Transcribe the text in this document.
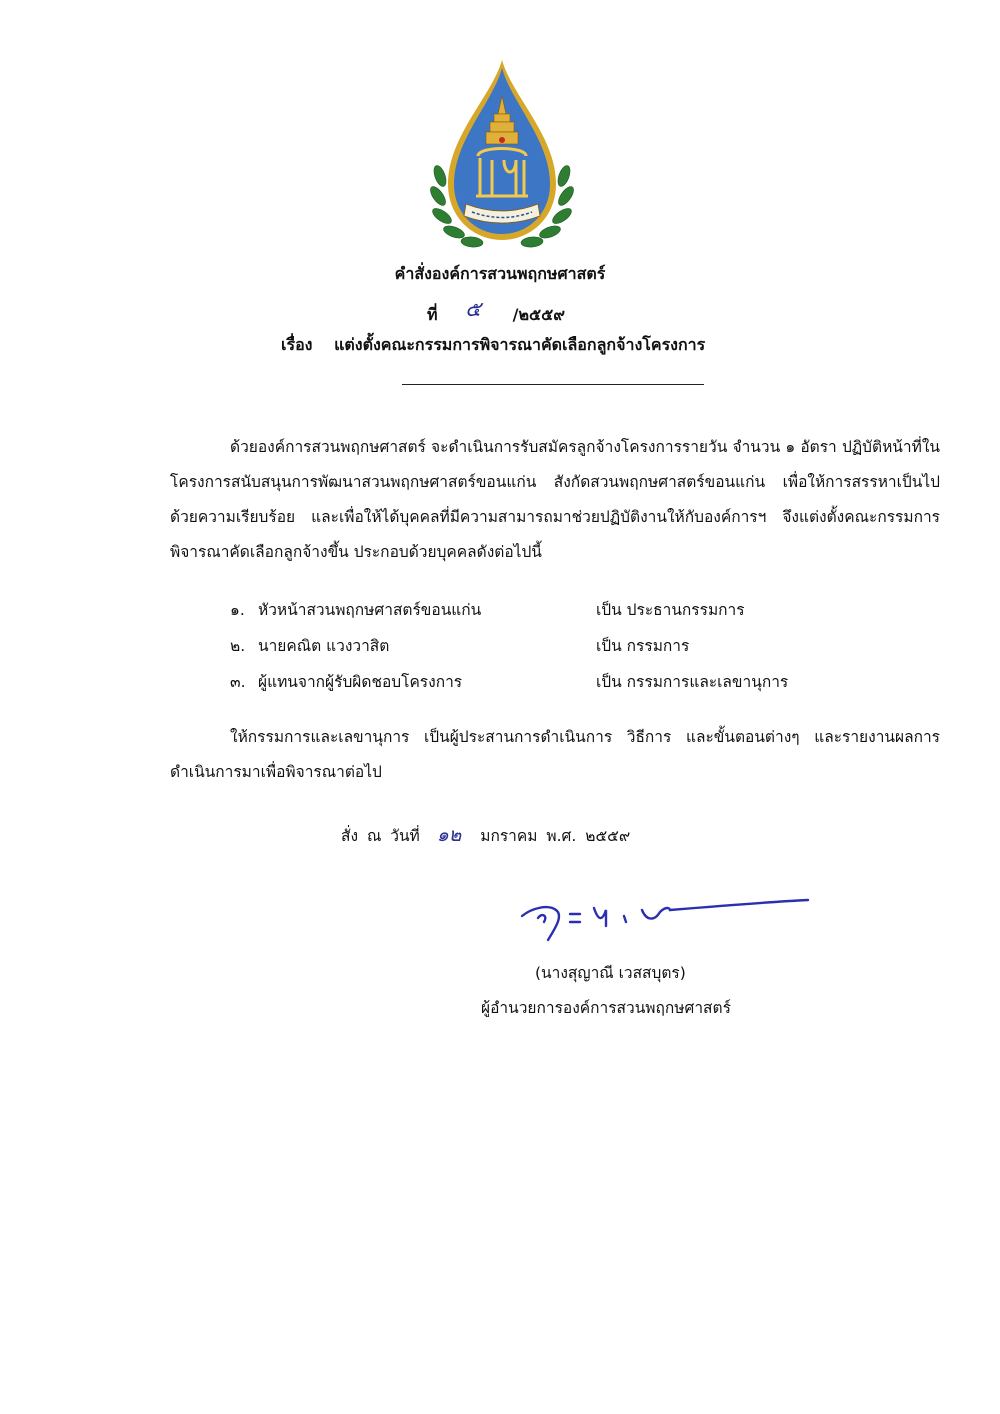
คำสั่งองค์การสวนพฤกษศาสตร์
ที่ ๕ /๒๕๕๙
เรื่อง แต่งตั้งคณะกรรมการพิจารณาคัดเลือกลูกจ้างโครงการ
ด้วยองค์การสวนพฤกษศาสตร์ จะดำเนินการรับสมัครลูกจ้างโครงการรายวัน จำนวน ๑ อัตรา ปฏิบัติหน้าที่ในโครงการสนับสนุนการพัฒนาสวนพฤกษศาสตร์ขอนแก่น สังกัดสวนพฤกษศาสตร์ขอนแก่น เพื่อให้การสรรหาเป็นไปด้วยความเรียบร้อย และเพื่อให้ได้บุคคลที่มีความสามารถมาช่วยปฏิบัติงานให้กับองค์การฯ จึงแต่งตั้งคณะกรรมการพิจารณาคัดเลือกลูกจ้างขึ้น ประกอบด้วยบุคคลดังต่อไปนี้
๑. หัวหน้าสวนพฤกษศาสตร์ขอนแก่น	เป็น ประธานกรรมการ
๒. นายคณิต แวงวาสิต	เป็น กรรมการ
๓. ผู้แทนจากผู้รับผิดชอบโครงการ	เป็น กรรมการและเลขานุการ
ให้กรรมการและเลขานุการ เป็นผู้ประสานการดำเนินการ วิธีการ และขั้นตอนต่างๆ และรายงานผลการดำเนินการมาเพื่อพิจารณาต่อไป
สั่ง ณ วันที่ ๑๒ มกราคม พ.ศ. ๒๕๕๙
(นางสุญาณี เวสสบุตร)
ผู้อำนวยการองค์การสวนพฤกษศาสตร์
